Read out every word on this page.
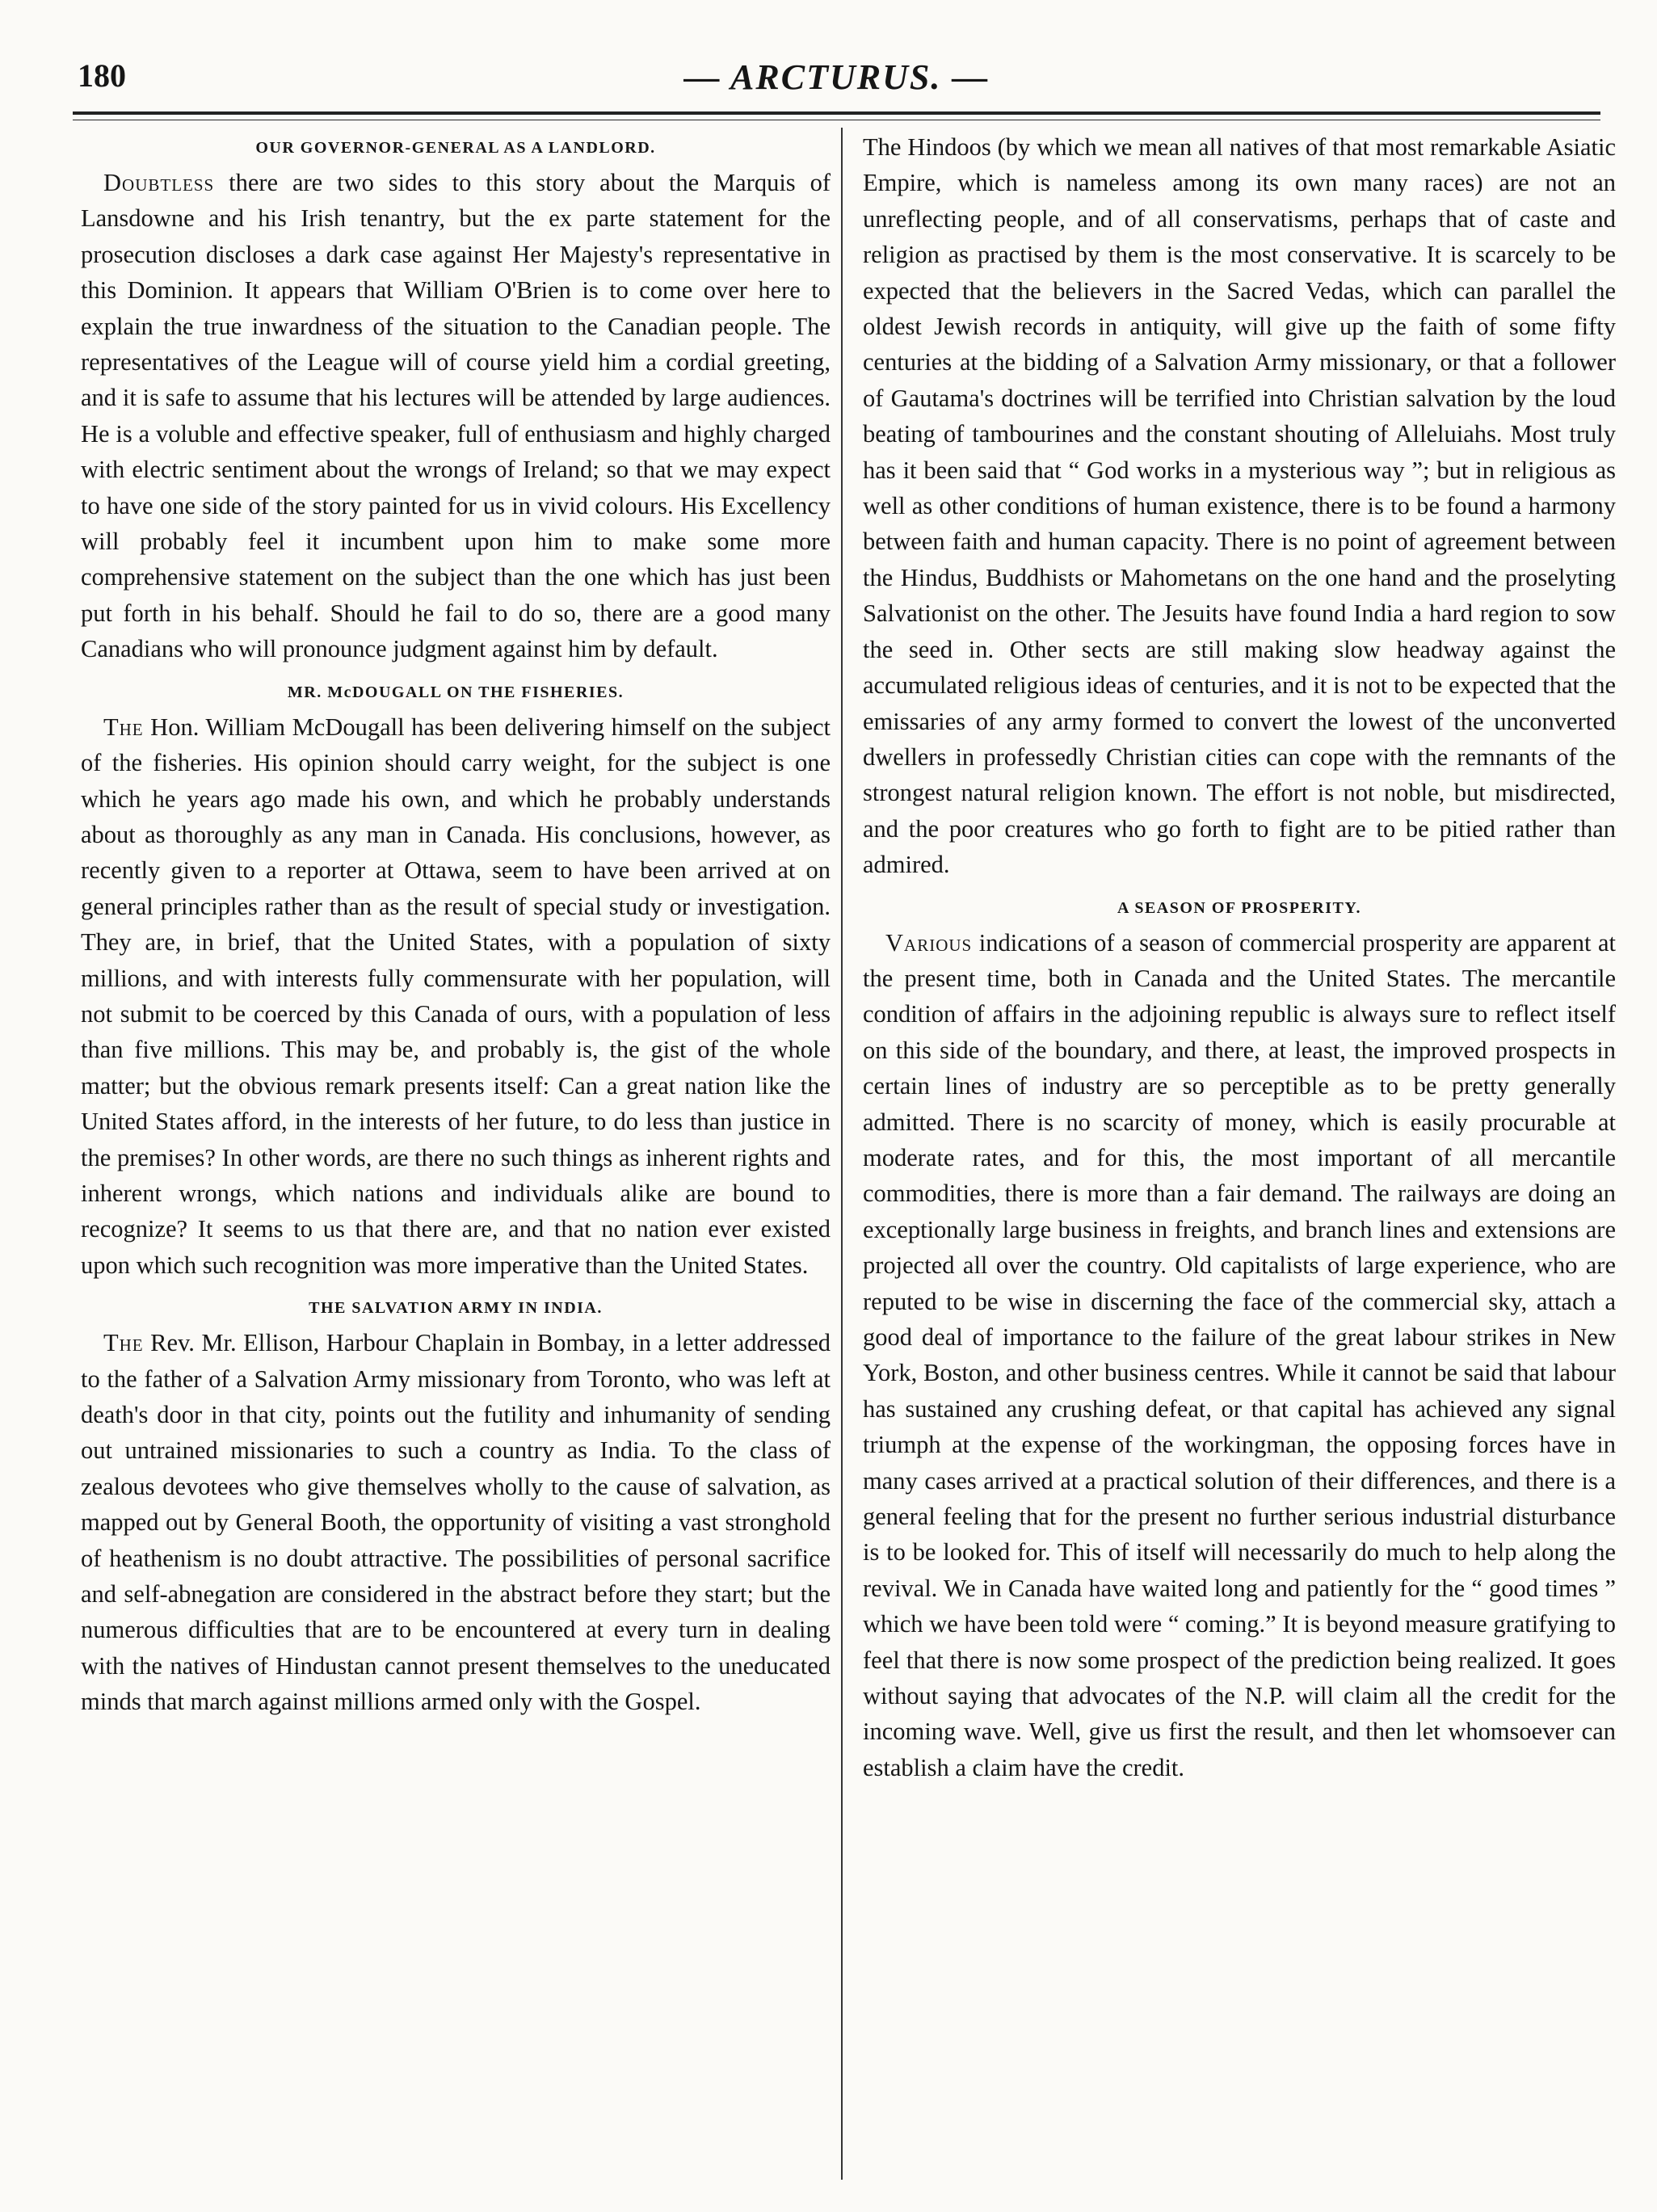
180	— ARCTURUS. —
OUR GOVERNOR-GENERAL AS A LANDLORD.

Doubtless there are two sides to this story about the Marquis of Lansdowne and his Irish tenantry, but the ex parte statement for the prosecution discloses a dark case against Her Majesty's representative in this Dominion. It appears that William O'Brien is to come over here to explain the true inwardness of the situation to the Canadian people. The representatives of the League will of course yield him a cordial greeting, and it is safe to assume that his lectures will be attended by large audiences. He is a voluble and effective speaker, full of enthusiasm and highly charged with electric sentiment about the wrongs of Ireland; so that we may expect to have one side of the story painted for us in vivid colours. His Excellency will probably feel it incumbent upon him to make some more comprehensive statement on the subject than the one which has just been put forth in his behalf. Should he fail to do so, there are a good many Canadians who will pronounce judgment against him by default.

MR. McDOUGALL ON THE FISHERIES.

The Hon. William McDougall has been delivering himself on the subject of the fisheries. His opinion should carry weight, for the subject is one which he years ago made his own, and which he probably understands about as thoroughly as any man in Canada. His conclusions, however, as recently given to a reporter at Ottawa, seem to have been arrived at on general principles rather than as the result of special study or investigation. They are, in brief, that the United States, with a population of sixty millions, and with interests fully commensurate with her population, will not submit to be coerced by this Canada of ours, with a population of less than five millions. This may be, and probably is, the gist of the whole matter; but the obvious remark presents itself: Can a great nation like the United States afford, in the interests of her future, to do less than justice in the premises? In other words, are there no such things as inherent rights and inherent wrongs, which nations and individuals alike are bound to recognize? It seems to us that there are, and that no nation ever existed upon which such recognition was more imperative than the United States.

THE SALVATION ARMY IN INDIA.

The Rev. Mr. Ellison, Harbour Chaplain in Bombay, in a letter addressed to the father of a Salvation Army missionary from Toronto, who was left at death's door in that city, points out the futility and inhumanity of sending out untrained missionaries to such a country as India. To the class of zealous devotees who give themselves wholly to the cause of salvation, as mapped out by General Booth, the opportunity of visiting a vast stronghold of heathenism is no doubt attractive. The possibilities of personal sacrifice and self-abnegation are considered in the abstract before they start; but the numerous difficulties that are to be encountered at every turn in dealing with the natives of Hindustan cannot present themselves to the uneducated minds that march against millions armed only with the Gospel.

The Hindoos (by which we mean all natives of that most remarkable Asiatic Empire, which is nameless among its own many races) are not an unreflecting people, and of all conservatisms, perhaps that of caste and religion as practised by them is the most conservative. It is scarcely to be expected that the believers in the Sacred Vedas, which can parallel the oldest Jewish records in antiquity, will give up the faith of some fifty centuries at the bidding of a Salvation Army missionary, or that a follower of Gautama's doctrines will be terrified into Christian salvation by the loud beating of tambourines and the constant shouting of Alleluiahs. Most truly has it been said that “ God works in a mysterious way ”; but in religious as well as other conditions of human existence, there is to be found a harmony between faith and human capacity. There is no point of agreement between the Hindus, Buddhists or Mahometans on the one hand and the proselyting Salvationist on the other. The Jesuits have found India a hard region to sow the seed in. Other sects are still making slow headway against the accumulated religious ideas of centuries, and it is not to be expected that the emissaries of any army formed to convert the lowest of the unconverted dwellers in professedly Christian cities can cope with the remnants of the strongest natural religion known. The effort is not noble, but misdirected, and the poor creatures who go forth to fight are to be pitied rather than admired.

A SEASON OF PROSPERITY.

Various indications of a season of commercial prosperity are apparent at the present time, both in Canada and the United States. The mercantile condition of affairs in the adjoining republic is always sure to reflect itself on this side of the boundary, and there, at least, the improved prospects in certain lines of industry are so perceptible as to be pretty generally admitted. There is no scarcity of money, which is easily procurable at moderate rates, and for this, the most important of all mercantile commodities, there is more than a fair demand. The railways are doing an exceptionally large business in freights, and branch lines and extensions are projected all over the country. Old capitalists of large experience, who are reputed to be wise in discerning the face of the commercial sky, attach a good deal of importance to the failure of the great labour strikes in New York, Boston, and other business centres. While it cannot be said that labour has sustained any crushing defeat, or that capital has achieved any signal triumph at the expense of the workingman, the opposing forces have in many cases arrived at a practical solution of their differences, and there is a general feeling that for the present no further serious industrial disturbance is to be looked for. This of itself will necessarily do much to help along the revival. We in Canada have waited long and patiently for the “ good times ” which we have been told were “ coming.” It is beyond measure gratifying to feel that there is now some prospect of the prediction being realized. It goes without saying that advocates of the N.P. will claim all the credit for the incoming wave. Well, give us first the result, and then let whomsoever can establish a claim have the credit.
